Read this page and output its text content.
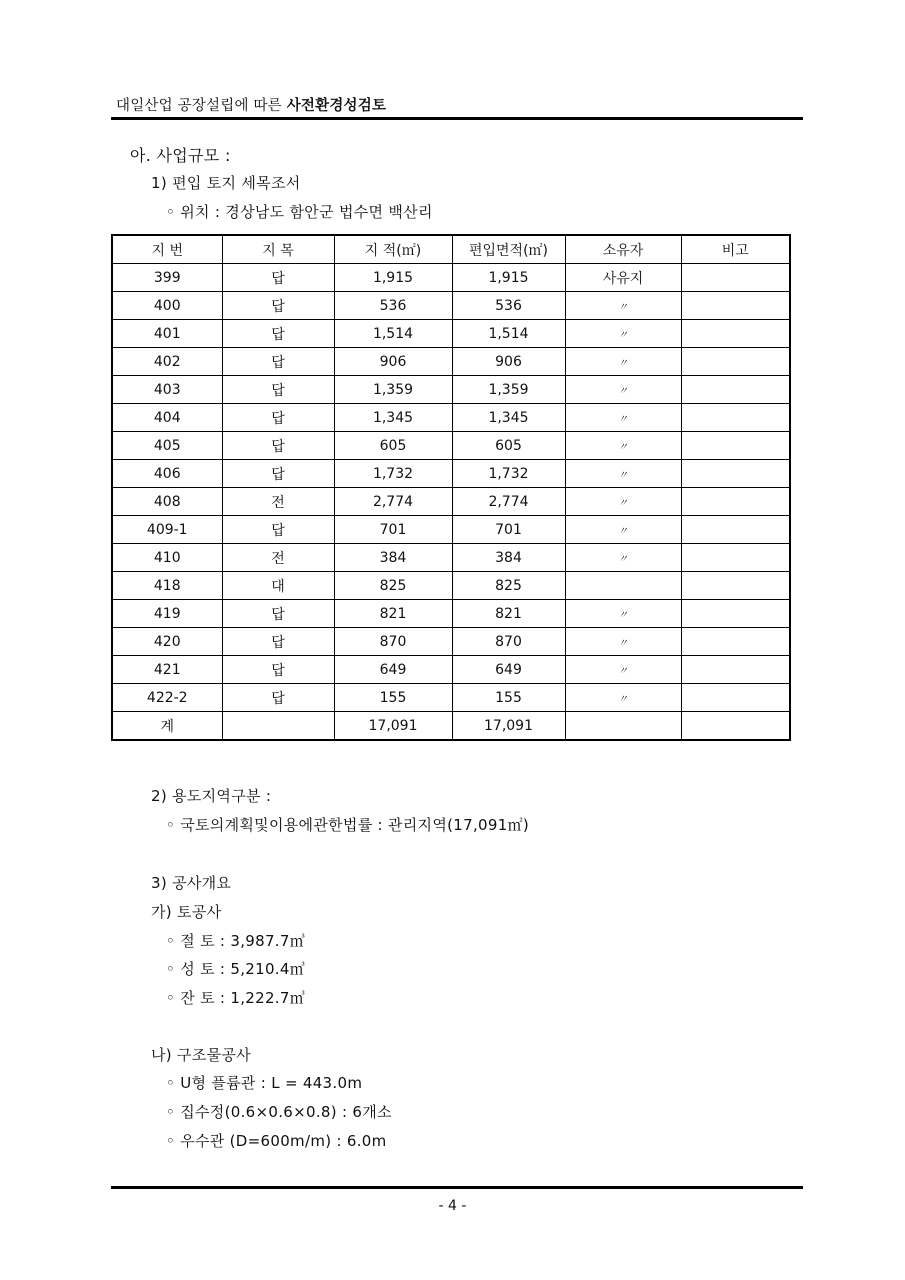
대일산업 공장설립에 따른 사전환경성검토
아. 사업규모 :
1) 편입 토지 세목조서
◦ 위치 : 경상남도 함안군 법수면 백산리
지 번	지 목	지 적(㎡)	편입면적(㎡)	소유자	비고
399	답	1,915	1,915	사유지	
400	답	536	536	〃	
401	답	1,514	1,514	〃	
402	답	906	906	〃	
403	답	1,359	1,359	〃	
404	답	1,345	1,345	〃	
405	답	605	605	〃	
406	답	1,732	1,732	〃	
408	전	2,774	2,774	〃	
409-1	답	701	701	〃	
410	전	384	384	〃	
418	대	825	825		
419	답	821	821	〃	
420	답	870	870	〃	
421	답	649	649	〃	
422-2	답	155	155	〃	
계		17,091	17,091		
2) 용도지역구분 :
◦ 국토의계획및이용에관한법률 : 관리지역(17,091㎡)
3) 공사개요
가) 토공사
◦ 절 토 : 3,987.7㎥
◦ 성 토 : 5,210.4㎥
◦ 잔 토 : 1,222.7㎥
나) 구조물공사
◦ U형 플륨관 : L = 443.0m
◦ 집수정(0.6×0.6×0.8) : 6개소
◦ 우수관 (D=600m/m) : 6.0m
- 4 -
